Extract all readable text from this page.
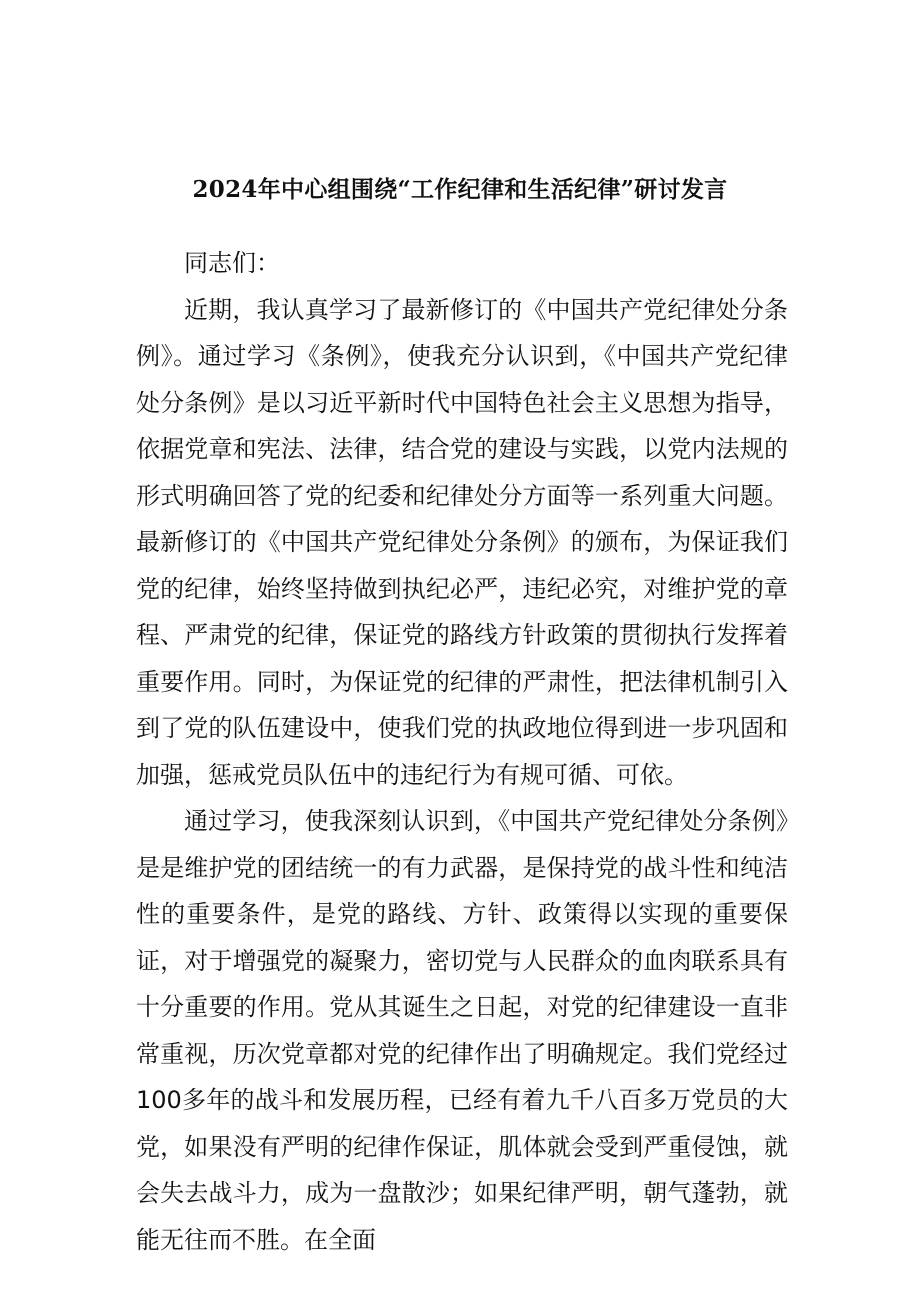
2024年中心组围绕“工作纪律和生活纪律”研讨发言

同志们：

近期，我认真学习了最新修订的《中国共产党纪律处分条例》。通过学习《条例》，使我充分认识到，《中国共产党纪律处分条例》是以习近平新时代中国特色社会主义思想为指导，依据党章和宪法、法律，结合党的建设与实践，以党内法规的形式明确回答了党的纪委和纪律处分方面等一系列重大问题。最新修订的《中国共产党纪律处分条例》的颁布，为保证我们党的纪律，始终坚持做到执纪必严，违纪必究，对维护党的章程、严肃党的纪律，保证党的路线方针政策的贯彻执行发挥着重要作用。同时，为保证党的纪律的严肃性，把法律机制引入到了党的队伍建设中，使我们党的执政地位得到进一步巩固和加强，惩戒党员队伍中的违纪行为有规可循、可依。

通过学习，使我深刻认识到，《中国共产党纪律处分条例》是是维护党的团结统一的有力武器，是保持党的战斗性和纯洁性的重要条件，是党的路线、方针、政策得以实现的重要保证，对于增强党的凝聚力，密切党与人民群众的血肉联系具有十分重要的作用。党从其诞生之日起，对党的纪律建设一直非常重视，历次党章都对党的纪律作出了明确规定。我们党经过100多年的战斗和发展历程，已经有着九千八百多万党员的大党，如果没有严明的纪律作保证，肌体就会受到严重侵蚀，就会失去战斗力，成为一盘散沙；如果纪律严明，朝气蓬勃，就能无往而不胜。在全面
